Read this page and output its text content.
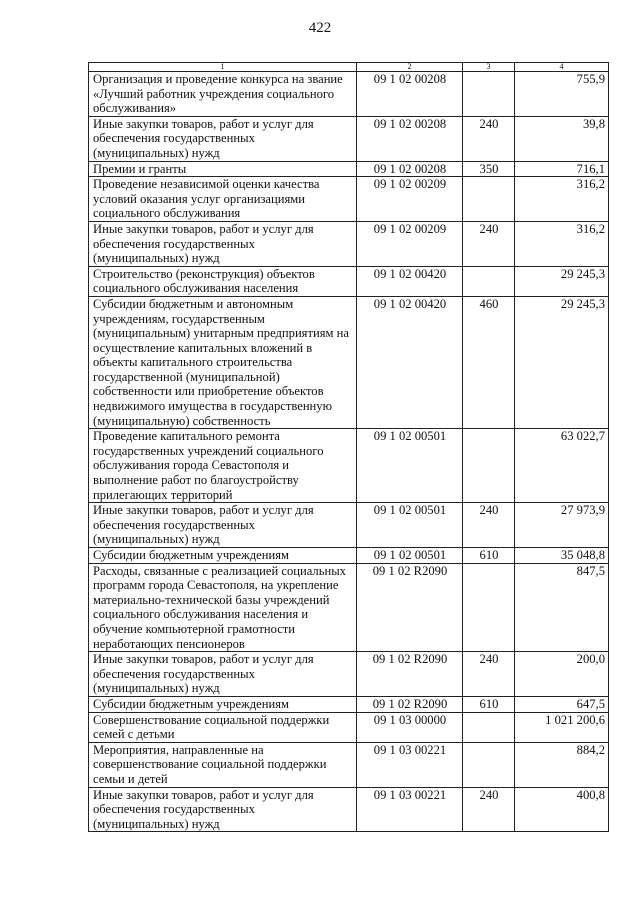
422
1	2	3	4
Организация и проведение конкурса на звание «Лучший работник учреждения социального обслуживания»	09 1 02 00208		755,9
Иные закупки товаров, работ и услуг для обеспечения государственных (муниципальных) нужд	09 1 02 00208	240	39,8
Премии и гранты	09 1 02 00208	350	716,1
Проведение независимой оценки качества условий оказания услуг организациями социального обслуживания	09 1 02 00209		316,2
Иные закупки товаров, работ и услуг для обеспечения государственных (муниципальных) нужд	09 1 02 00209	240	316,2
Строительство (реконструкция) объектов социального обслуживания населения	09 1 02 00420		29 245,3
Субсидии бюджетным и автономным учреждениям, государственным (муниципальным) унитарным предприятиям на осуществление капитальных вложений в объекты капитального строительства государственной (муниципальной) собственности или приобретение объектов недвижимого имущества в государственную (муниципальную) собственность	09 1 02 00420	460	29 245,3
Проведение капитального ремонта государственных учреждений социального обслуживания города Севастополя и выполнение работ по благоустройству прилегающих территорий	09 1 02 00501		63 022,7
Иные закупки товаров, работ и услуг для обеспечения государственных (муниципальных) нужд	09 1 02 00501	240	27 973,9
Субсидии бюджетным учреждениям	09 1 02 00501	610	35 048,8
Расходы, связанные с реализацией социальных программ города Севастополя, на укрепление материально-технической базы учреждений социального обслуживания населения и обучение компьютерной грамотности неработающих пенсионеров	09 1 02 R2090		847,5
Иные закупки товаров, работ и услуг для обеспечения государственных (муниципальных) нужд	09 1 02 R2090	240	200,0
Субсидии бюджетным учреждениям	09 1 02 R2090	610	647,5
Совершенствование социальной поддержки семей с детьми	09 1 03 00000		1 021 200,6
Мероприятия, направленные на совершенствование социальной поддержки семьи и детей	09 1 03 00221		884,2
Иные закупки товаров, работ и услуг для обеспечения государственных (муниципальных) нужд	09 1 03 00221	240	400,8
